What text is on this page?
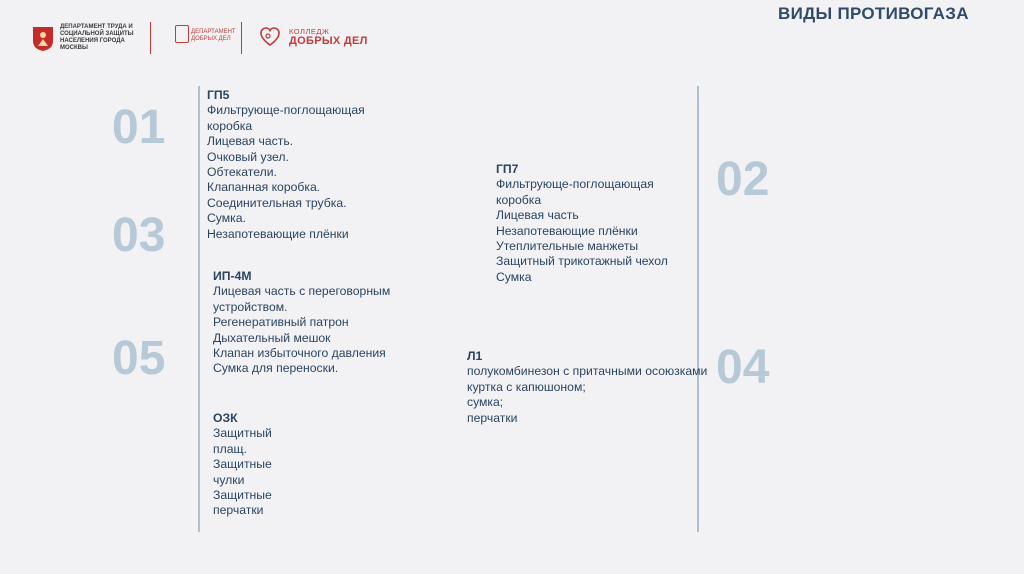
ДЕПАРТАМЕНТ ТРУДА И СОЦИАЛЬНОЙ ЗАЩИТЫ НАСЕЛЕНИЯ ГОРОДА МОСКВЫ
ДЕПАРТАМЕНТ ДОБРЫХ ДЕЛ
КОЛЛЕДЖ
ДОБРЫХ ДЕЛ
ВИДЫ ПРОТИВОГАЗА
01
02
03
04
05
ГП5
Фильтрующе-поглощающая
коробка
Лицевая часть.
Очковый узел.
Обтекатели.
Клапанная коробка.
Соединительная трубка.
Сумка.
Незапотевающие плёнки
ГП7
Фильтрующе-поглощающая
коробка
Лицевая часть
Незапотевающие плёнки
Утеплительные манжеты
Защитный трикотажный чехол
Сумка
ИП-4М
Лицевая часть с переговорным
устройством.
Регенеративный патрон
Дыхательный мешок
Клапан избыточного давления
Сумка для переноски.
Л1
полукомбинезон с притачными осоюзками
куртка с капюшоном;
сумка;
перчатки
ОЗК
Защитный
плащ.
Защитные
чулки
Защитные
перчатки
